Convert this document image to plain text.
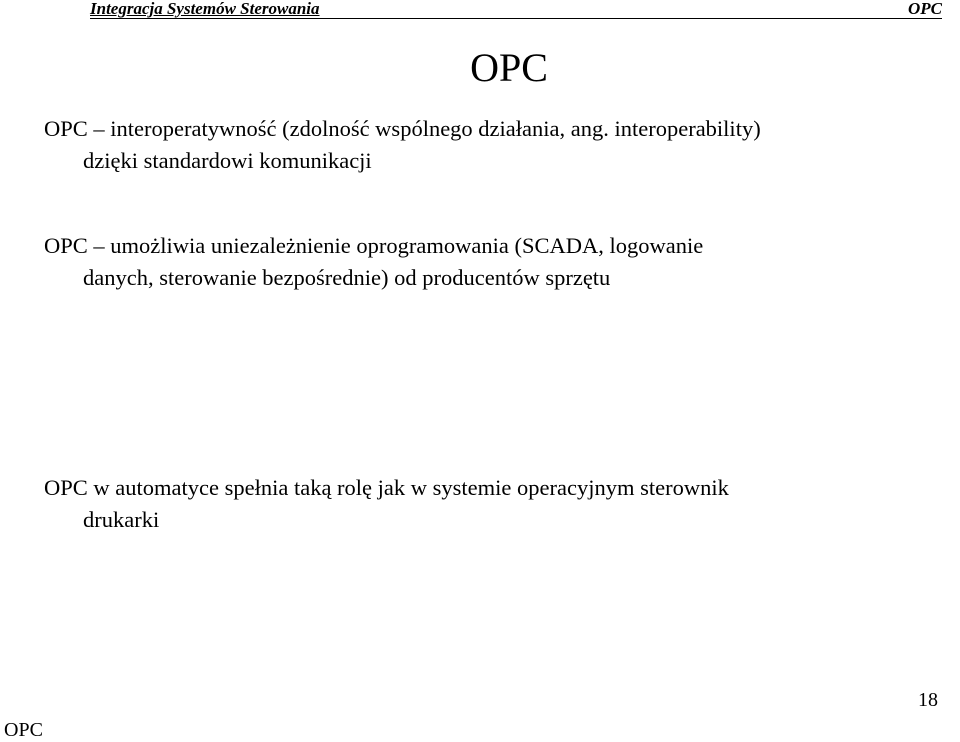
Integracja Systemów Sterowania	OPC
OPC
OPC – interoperatywność (zdolność wspólnego działania, ang. interoperability)
dzięki standardowi komunikacji
OPC – umożliwia uniezależnienie oprogramowania (SCADA, logowanie
danych, sterowanie bezpośrednie) od producentów sprzętu
OPC w automatyce spełnia taką rolę jak w systemie operacyjnym sterownik
drukarki
OPC
18
